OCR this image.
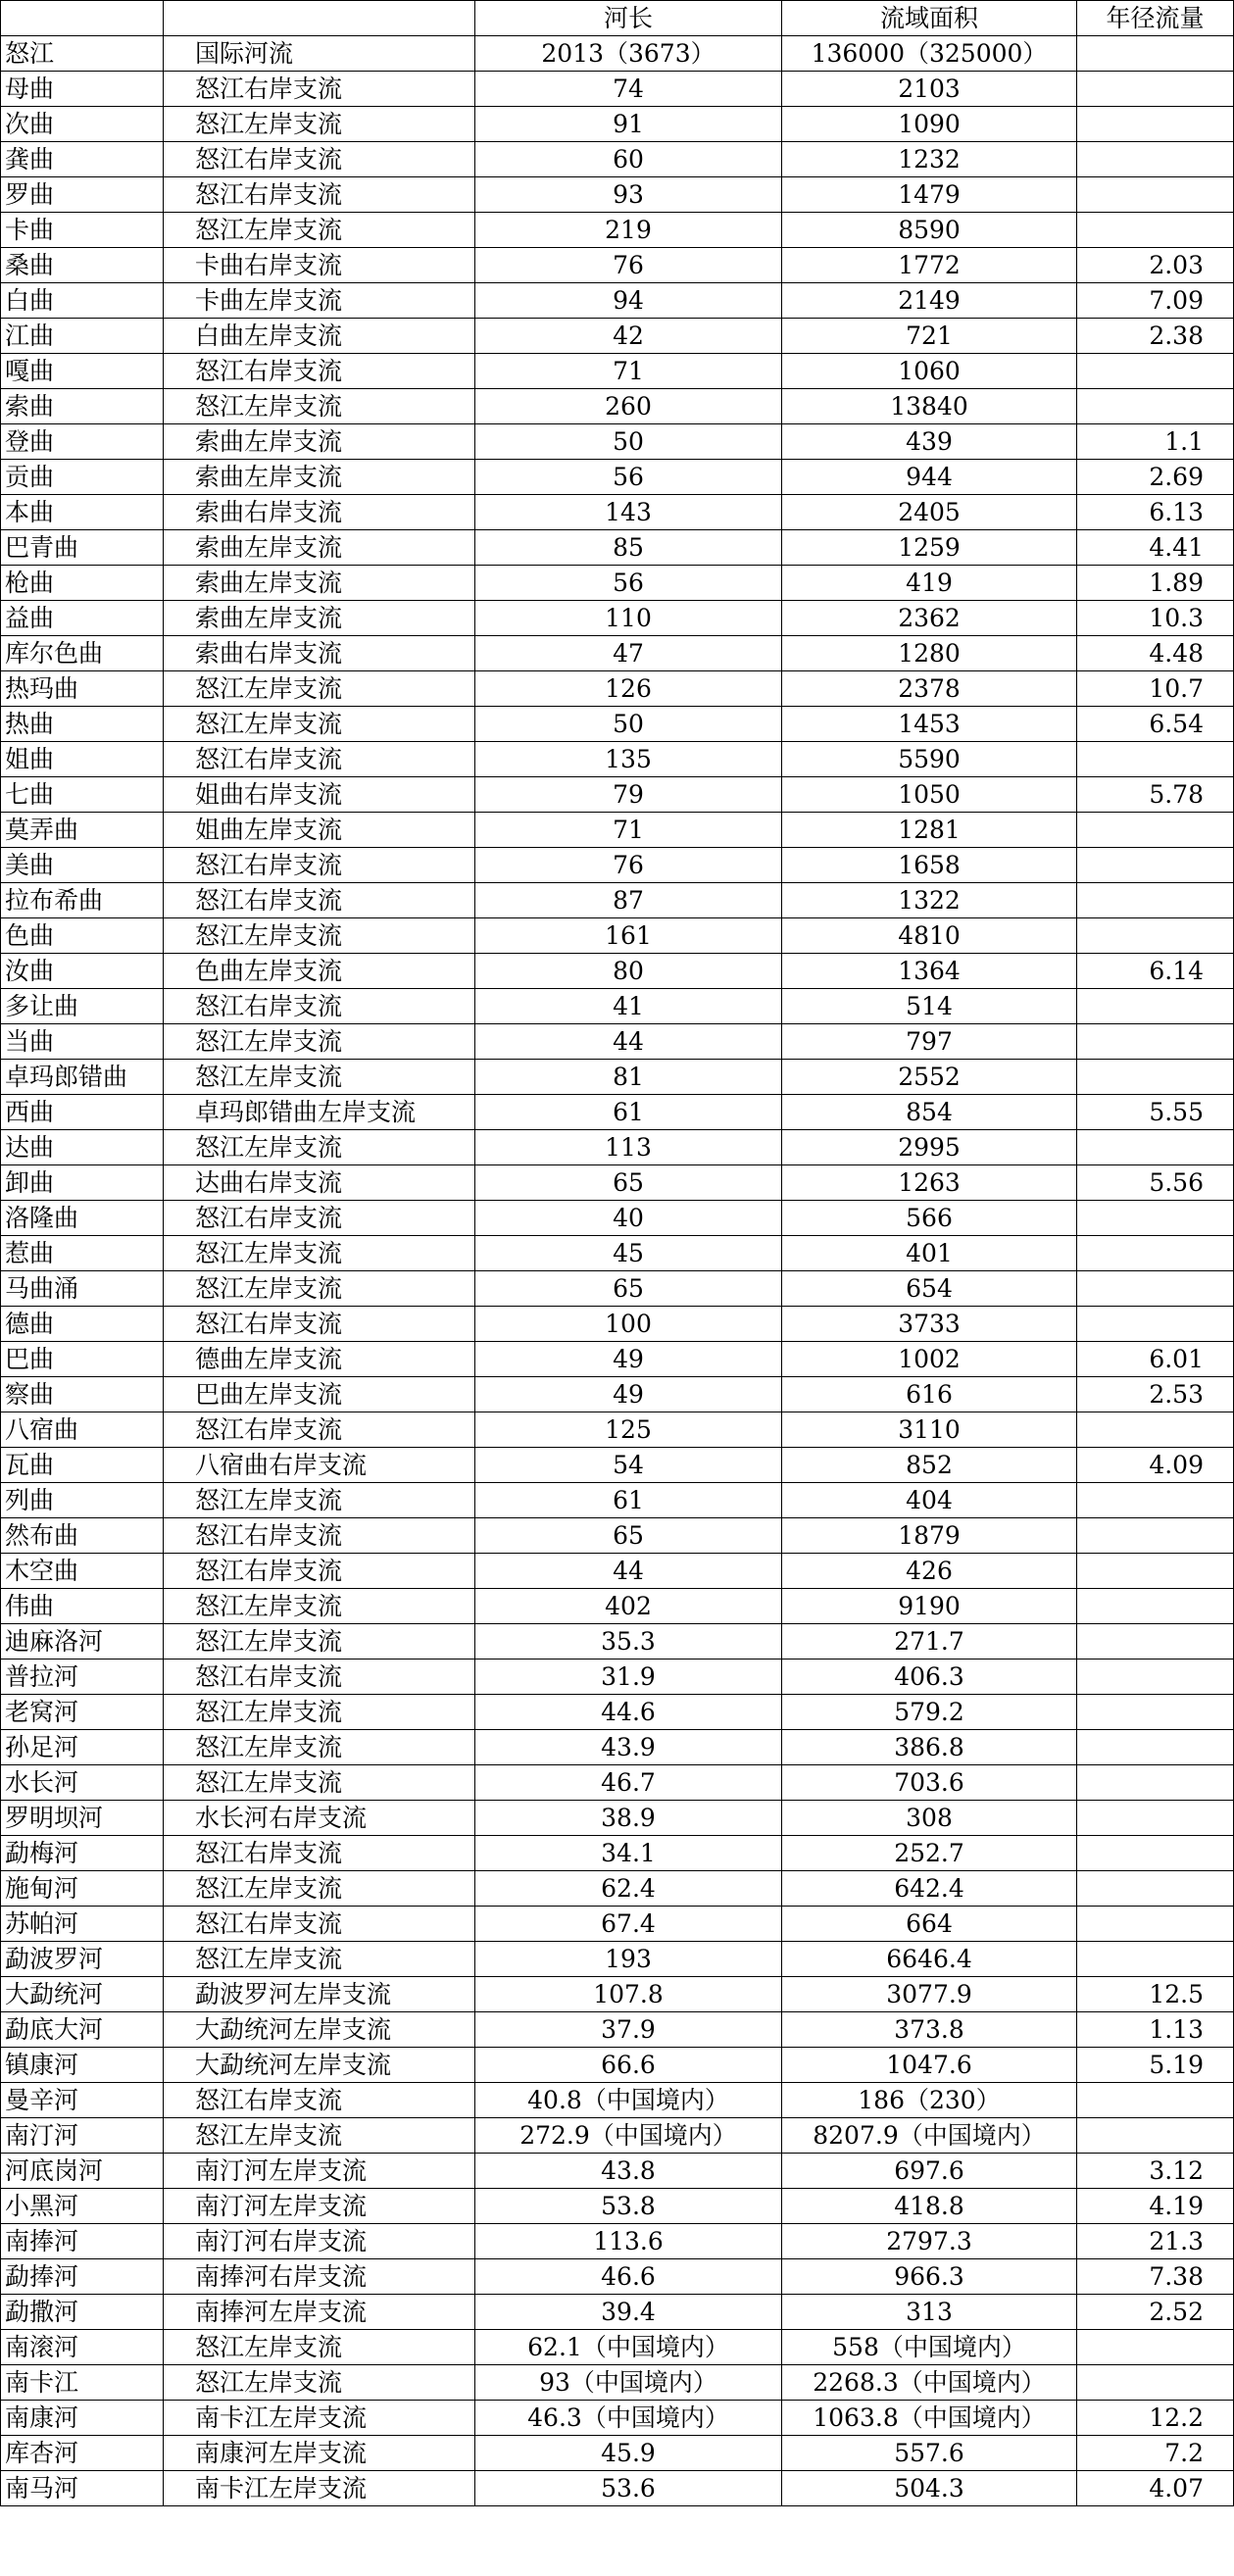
		河长	流域面积	年径流量
怒江	国际河流	2013（3673）	136000（325000）	
母曲	怒江右岸支流	74	2103	
次曲	怒江左岸支流	91	1090	
龚曲	怒江右岸支流	60	1232	
罗曲	怒江右岸支流	93	1479	
卡曲	怒江左岸支流	219	8590	
桑曲	卡曲右岸支流	76	1772	2.03
白曲	卡曲左岸支流	94	2149	7.09
江曲	白曲左岸支流	42	721	2.38
嘎曲	怒江右岸支流	71	1060	
索曲	怒江左岸支流	260	13840	
登曲	索曲左岸支流	50	439	1.1
贡曲	索曲左岸支流	56	944	2.69
本曲	索曲右岸支流	143	2405	6.13
巴青曲	索曲左岸支流	85	1259	4.41
枪曲	索曲左岸支流	56	419	1.89
益曲	索曲左岸支流	110	2362	10.3
库尔色曲	索曲右岸支流	47	1280	4.48
热玛曲	怒江左岸支流	126	2378	10.7
热曲	怒江左岸支流	50	1453	6.54
姐曲	怒江右岸支流	135	5590	
七曲	姐曲右岸支流	79	1050	5.78
莫弄曲	姐曲左岸支流	71	1281	
美曲	怒江右岸支流	76	1658	
拉布希曲	怒江右岸支流	87	1322	
色曲	怒江左岸支流	161	4810	
汝曲	色曲左岸支流	80	1364	6.14
多让曲	怒江右岸支流	41	514	
当曲	怒江左岸支流	44	797	
卓玛郎错曲	怒江左岸支流	81	2552	
西曲	卓玛郎错曲左岸支流	61	854	5.55
达曲	怒江左岸支流	113	2995	
卸曲	达曲右岸支流	65	1263	5.56
洛隆曲	怒江右岸支流	40	566	
惹曲	怒江左岸支流	45	401	
马曲涌	怒江左岸支流	65	654	
德曲	怒江右岸支流	100	3733	
巴曲	德曲左岸支流	49	1002	6.01
察曲	巴曲左岸支流	49	616	2.53
八宿曲	怒江右岸支流	125	3110	
瓦曲	八宿曲右岸支流	54	852	4.09
列曲	怒江左岸支流	61	404	
然布曲	怒江右岸支流	65	1879	
木空曲	怒江右岸支流	44	426	
伟曲	怒江左岸支流	402	9190	
迪麻洛河	怒江左岸支流	35.3	271.7	
普拉河	怒江右岸支流	31.9	406.3	
老窝河	怒江左岸支流	44.6	579.2	
孙足河	怒江左岸支流	43.9	386.8	
水长河	怒江左岸支流	46.7	703.6	
罗明坝河	水长河右岸支流	38.9	308	
勐梅河	怒江右岸支流	34.1	252.7	
施甸河	怒江左岸支流	62.4	642.4	
苏帕河	怒江右岸支流	67.4	664	
勐波罗河	怒江左岸支流	193	6646.4	
大勐统河	勐波罗河左岸支流	107.8	3077.9	12.5
勐底大河	大勐统河左岸支流	37.9	373.8	1.13
镇康河	大勐统河左岸支流	66.6	1047.6	5.19
曼辛河	怒江右岸支流	40.8（中国境内）	186（230）	
南汀河	怒江左岸支流	272.9（中国境内）	8207.9（中国境内）	
河底岗河	南汀河左岸支流	43.8	697.6	3.12
小黑河	南汀河左岸支流	53.8	418.8	4.19
南捧河	南汀河右岸支流	113.6	2797.3	21.3
勐捧河	南捧河右岸支流	46.6	966.3	7.38
勐撒河	南捧河左岸支流	39.4	313	2.52
南滚河	怒江左岸支流	62.1（中国境内）	558（中国境内）	
南卡江	怒江左岸支流	93（中国境内）	2268.3（中国境内）	
南康河	南卡江左岸支流	46.3（中国境内）	1063.8（中国境内）	12.2
库杏河	南康河左岸支流	45.9	557.6	7.2
南马河	南卡江左岸支流	53.6	504.3	4.07
